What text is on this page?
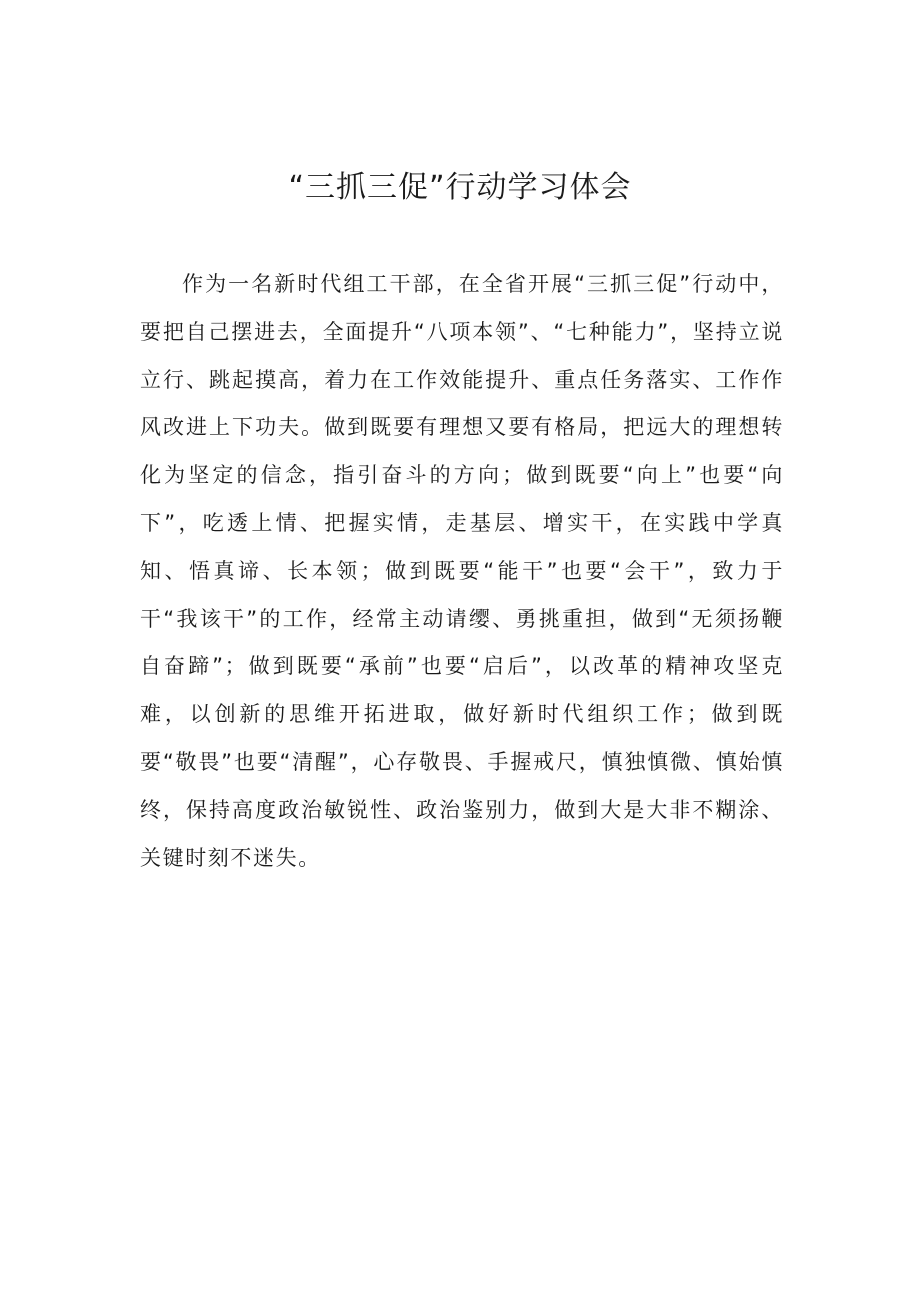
“三抓三促”行动学习体会

作为一名新时代组工干部，在全省开展“三抓三促”行动中，要把自己摆进去，全面提升“八项本领”、“七种能力”，坚持立说立行、跳起摸高，着力在工作效能提升、重点任务落实、工作作风改进上下功夫。做到既要有理想又要有格局，把远大的理想转化为坚定的信念，指引奋斗的方向；做到既要“向上”也要“向下”，吃透上情、把握实情，走基层、增实干，在实践中学真知、悟真谛、长本领；做到既要“能干”也要“会干”，致力于干“我该干”的工作，经常主动请缨、勇挑重担，做到“无须扬鞭自奋蹄”；做到既要“承前”也要“启后”，以改革的精神攻坚克难，以创新的思维开拓进取，做好新时代组织工作；做到既要“敬畏”也要“清醒”，心存敬畏、手握戒尺，慎独慎微、慎始慎终，保持高度政治敏锐性、政治鉴别力，做到大是大非不糊涂、关键时刻不迷失。
